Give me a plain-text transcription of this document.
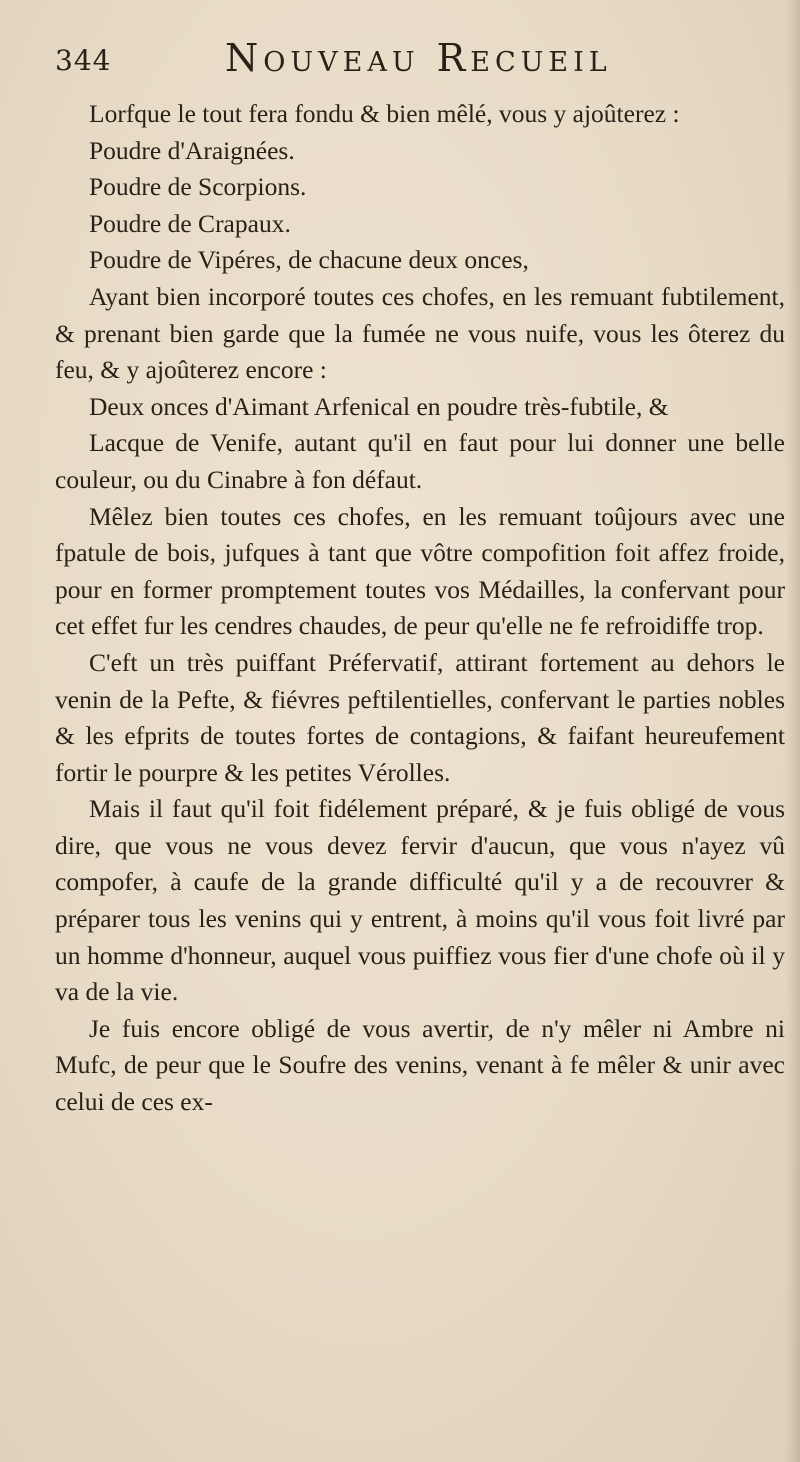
344	Nouveau Recueil

Lorfque le tout fera fondu & bien mêlé, vous y ajoûterez :

Poudre d'Araignées.

Poudre de Scorpions.

Poudre de Crapaux.

Poudre de Vipéres, de chacune deux onces,

Ayant bien incorporé toutes ces chofes, en les remuant fubtilement, & prenant bien garde que la fumée ne vous nuife, vous les ôterez du feu, & y ajoûterez encore :

Deux onces d'Aimant Arfenical en poudre très-fubtile, &

Lacque de Venife, autant qu'il en faut pour lui donner une belle couleur, ou du Cinabre à fon défaut.

Mêlez bien toutes ces chofes, en les remuant toûjours avec une fpatule de bois, jufques à tant que vôtre compofition foit affez froide, pour en former promptement toutes vos Médailles, la confervant pour cet effet fur les cendres chaudes, de peur qu'elle ne fe refroidiffe trop.

C'eft un très puiffant Préfervatif, attirant fortement au dehors le venin de la Pefte, & fiévres peftilentielles, confervant le parties nobles & les efprits de toutes fortes de contagions, & faifant heureufement fortir le pourpre & les petites Vérolles.

Mais il faut qu'il foit fidélement préparé, & je fuis obligé de vous dire, que vous ne vous devez fervir d'aucun, que vous n'ayez vû compofer, à caufe de la grande difficulté qu'il y a de recouvrer & préparer tous les venins qui y entrent, à moins qu'il vous foit livré par un homme d'honneur, auquel vous puiffiez vous fier d'une chofe où il y va de la vie.

Je fuis encore obligé de vous avertir, de n'y mêler ni Ambre ni Mufc, de peur que le Soufre des venins, venant à fe mêler & unir avec celui de ces ex-
